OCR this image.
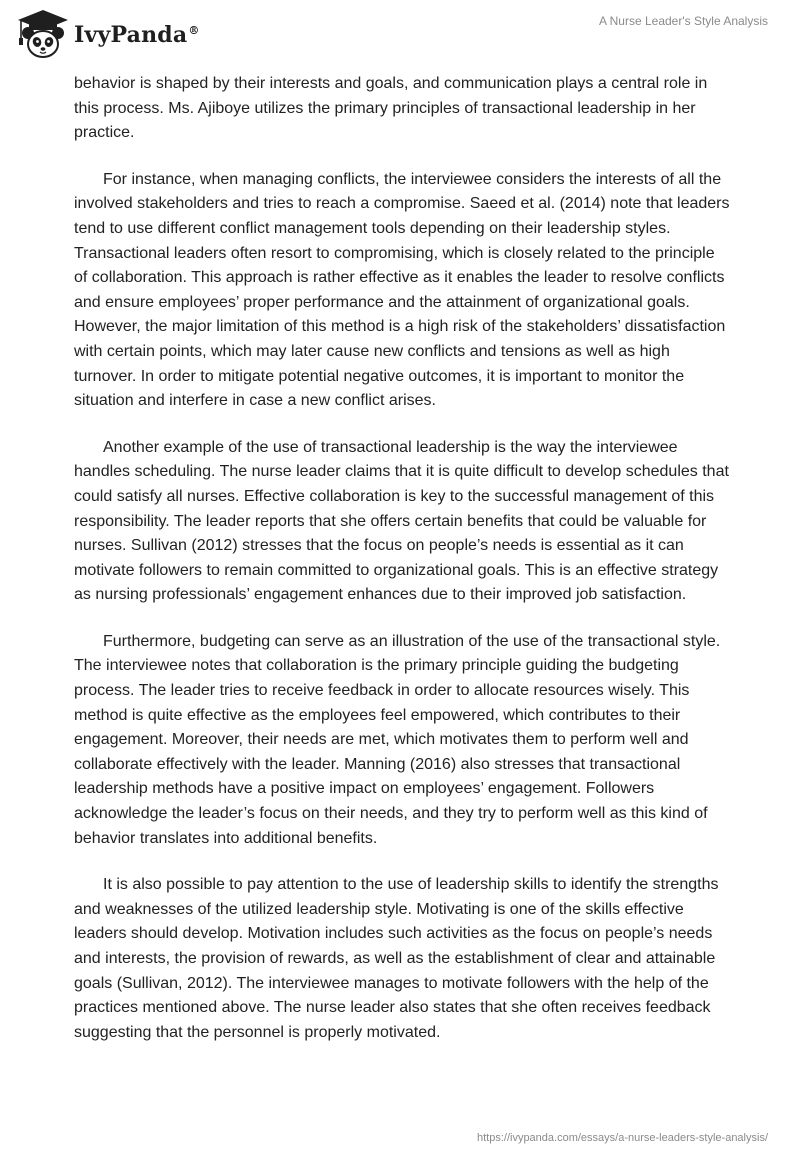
IvyPanda®
A Nurse Leader's Style Analysis

behavior is shaped by their interests and goals, and communication plays a central role in this process. Ms. Ajiboye utilizes the primary principles of transactional leadership in her practice.

For instance, when managing conflicts, the interviewee considers the interests of all the involved stakeholders and tries to reach a compromise. Saeed et al. (2014) note that leaders tend to use different conflict management tools depending on their leadership styles. Transactional leaders often resort to compromising, which is closely related to the principle of collaboration. This approach is rather effective as it enables the leader to resolve conflicts and ensure employees’ proper performance and the attainment of organizational goals. However, the major limitation of this method is a high risk of the stakeholders’ dissatisfaction with certain points, which may later cause new conflicts and tensions as well as high turnover. In order to mitigate potential negative outcomes, it is important to monitor the situation and interfere in case a new conflict arises.

Another example of the use of transactional leadership is the way the interviewee handles scheduling. The nurse leader claims that it is quite difficult to develop schedules that could satisfy all nurses. Effective collaboration is key to the successful management of this responsibility. The leader reports that she offers certain benefits that could be valuable for nurses. Sullivan (2012) stresses that the focus on people’s needs is essential as it can motivate followers to remain committed to organizational goals. This is an effective strategy as nursing professionals’ engagement enhances due to their improved job satisfaction.

Furthermore, budgeting can serve as an illustration of the use of the transactional style. The interviewee notes that collaboration is the primary principle guiding the budgeting process. The leader tries to receive feedback in order to allocate resources wisely. This method is quite effective as the employees feel empowered, which contributes to their engagement. Moreover, their needs are met, which motivates them to perform well and collaborate effectively with the leader. Manning (2016) also stresses that transactional leadership methods have a positive impact on employees’ engagement. Followers acknowledge the leader’s focus on their needs, and they try to perform well as this kind of behavior translates into additional benefits.

It is also possible to pay attention to the use of leadership skills to identify the strengths and weaknesses of the utilized leadership style. Motivating is one of the skills effective leaders should develop. Motivation includes such activities as the focus on people’s needs and interests, the provision of rewards, as well as the establishment of clear and attainable goals (Sullivan, 2012). The interviewee manages to motivate followers with the help of the practices mentioned above. The nurse leader also states that she often receives feedback suggesting that the personnel is properly motivated.

https://ivypanda.com/essays/a-nurse-leaders-style-analysis/
